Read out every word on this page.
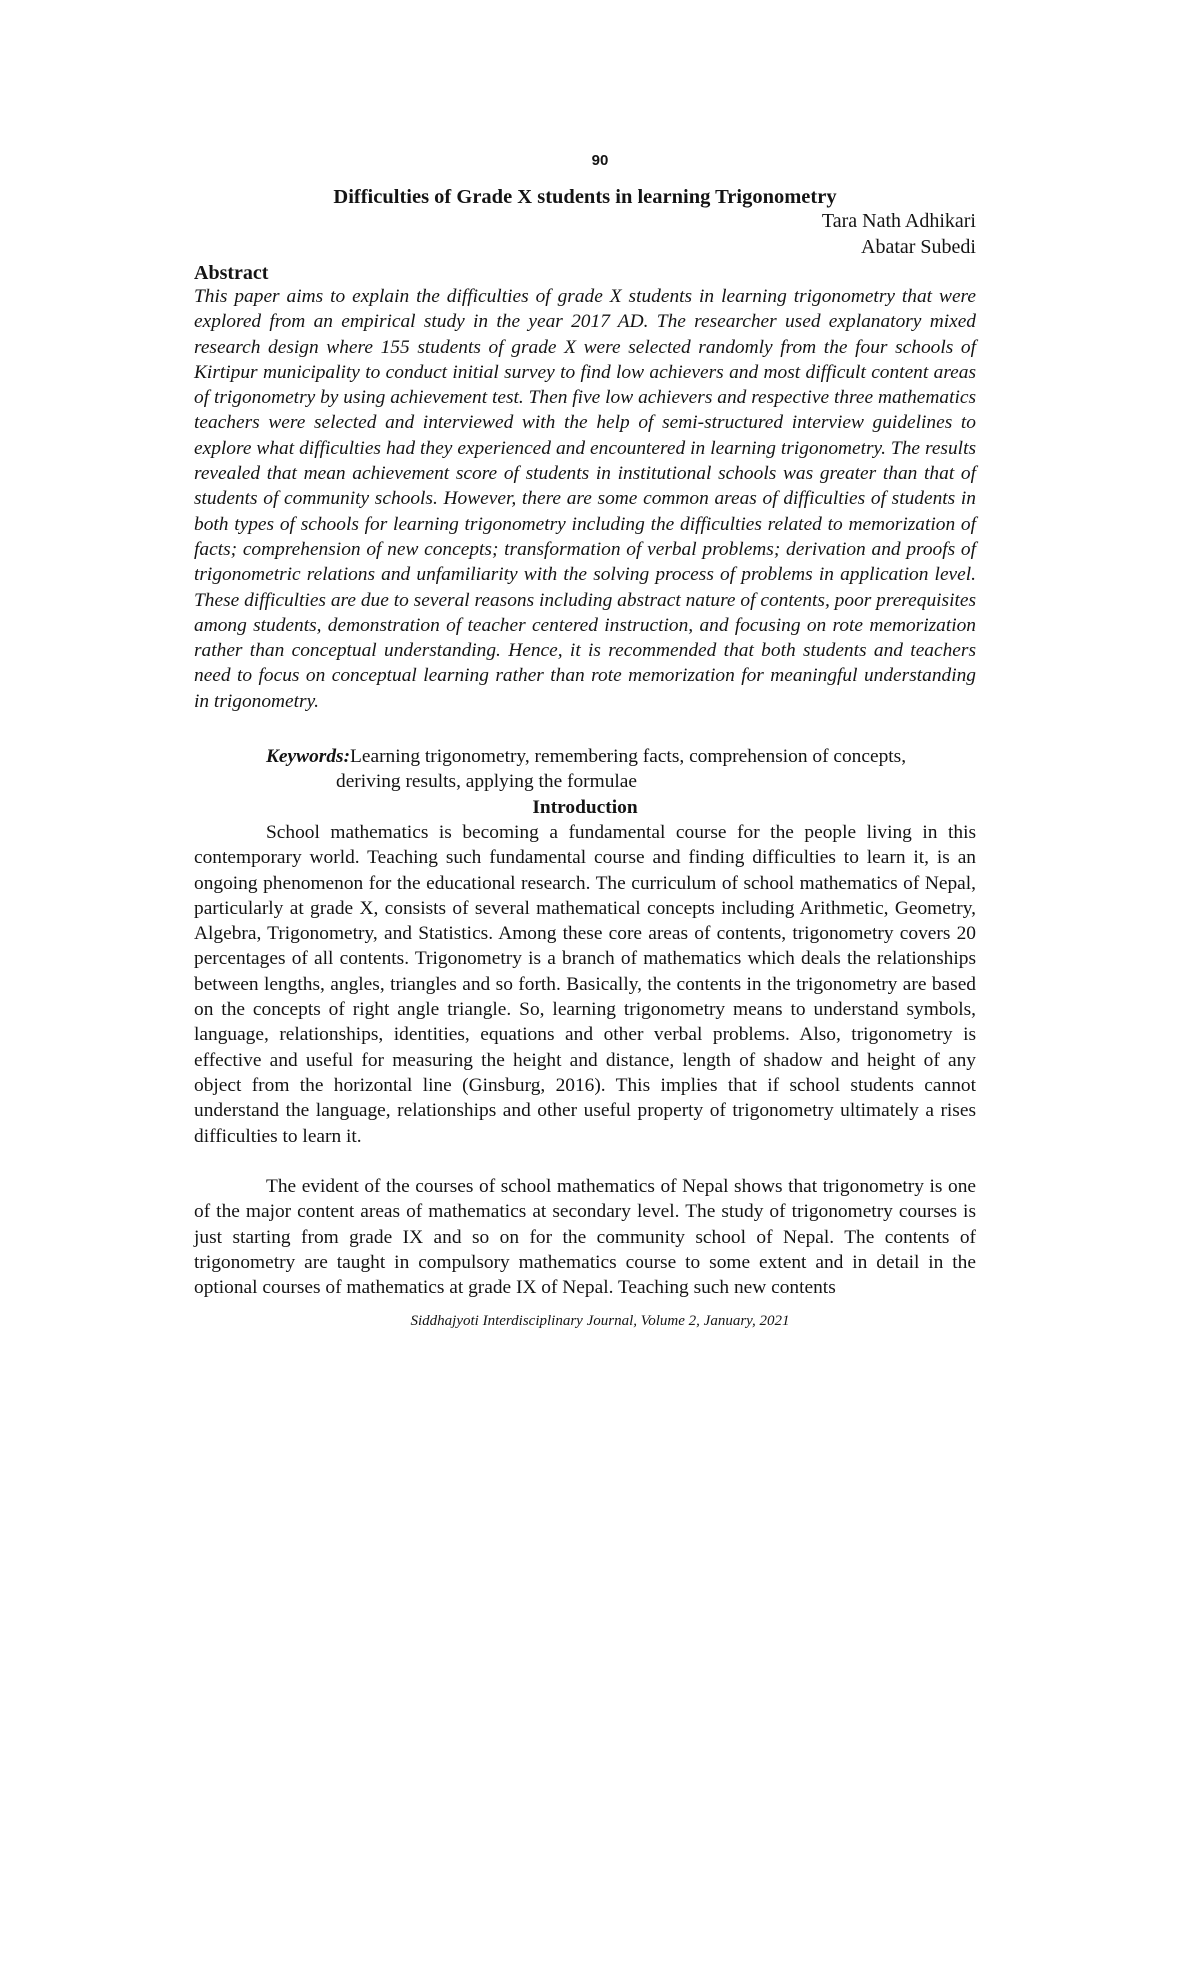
90

Difficulties of Grade X students in learning Trigonometry
Tara Nath Adhikari
Abatar Subedi
Abstract

This paper aims to explain the difficulties of grade X students in learning trigonometry that were explored from an empirical study in the year 2017 AD. The researcher used explanatory mixed research design where 155 students of grade X were selected randomly from the four schools of Kirtipur municipality to conduct initial survey to find low achievers and most difficult content areas of trigonometry by using achievement test. Then five low achievers and respective three mathematics teachers were selected and interviewed with the help of semi-structured interview guidelines to explore what difficulties had they experienced and encountered in learning trigonometry. The results revealed that mean achievement score of students in institutional schools was greater than that of students of community schools. However, there are some common areas of difficulties of students in both types of schools for learning trigonometry including the difficulties related to memorization of facts; comprehension of new concepts; transformation of verbal problems; derivation and proofs of trigonometric relations and unfamiliarity with the solving process of problems in application level. These difficulties are due to several reasons including abstract nature of contents, poor prerequisites among students, demonstration of teacher centered instruction, and focusing on rote memorization rather than conceptual understanding. Hence, it is recommended that both students and teachers need to focus on conceptual learning rather than rote memorization for meaningful understanding in trigonometry.

Keywords:Learning trigonometry, remembering facts, comprehension of concepts,
deriving results, applying the formulae
Introduction

School mathematics is becoming a fundamental course for the people living in this contemporary world. Teaching such fundamental course and finding difficulties to learn it, is an ongoing phenomenon for the educational research. The curriculum of school mathematics of Nepal, particularly at grade X, consists of several mathematical concepts including Arithmetic, Geometry, Algebra, Trigonometry, and Statistics. Among these core areas of contents, trigonometry covers 20 percentages of all contents. Trigonometry is a branch of mathematics which deals the relationships between lengths, angles, triangles and so forth. Basically, the contents in the trigonometry are based on the concepts of right angle triangle. So, learning trigonometry means to understand symbols, language, relationships, identities, equations and other verbal problems. Also, trigonometry is effective and useful for measuring the height and distance, length of shadow and height of any object from the horizontal line (Ginsburg, 2016). This implies that if school students cannot understand the language, relationships and other useful property of trigonometry ultimately a rises difficulties to learn it.

The evident of the courses of school mathematics of Nepal shows that trigonometry is one of the major content areas of mathematics at secondary level. The study of trigonometry courses is just starting from grade IX and so on for the community school of Nepal. The contents of trigonometry are taught in compulsory mathematics course to some extent and in detail in the optional courses of mathematics at grade IX of Nepal. Teaching such new contents

Siddhajyoti Interdisciplinary Journal, Volume 2, January, 2021
